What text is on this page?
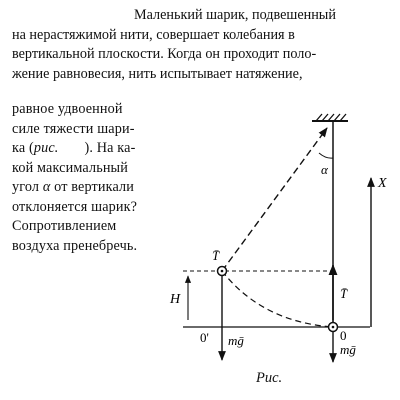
Маленький шарик, подвешенный
на нерастяжимой нити, совершает колебания в
вертикальной плоскости. Когда он проходит поло-
жение равновесия, нить испытывает натяжение,
равное удвоенной
силе тяжести шари-
ка (рис. ). На ка-
кой максимальный
угол α от вертикали
отклоняется шарик?
Сопротивлением
воздуха пренебречь.
α
H
T̄
mḡ
0'
T̄
mḡ
0
X

Рис.
